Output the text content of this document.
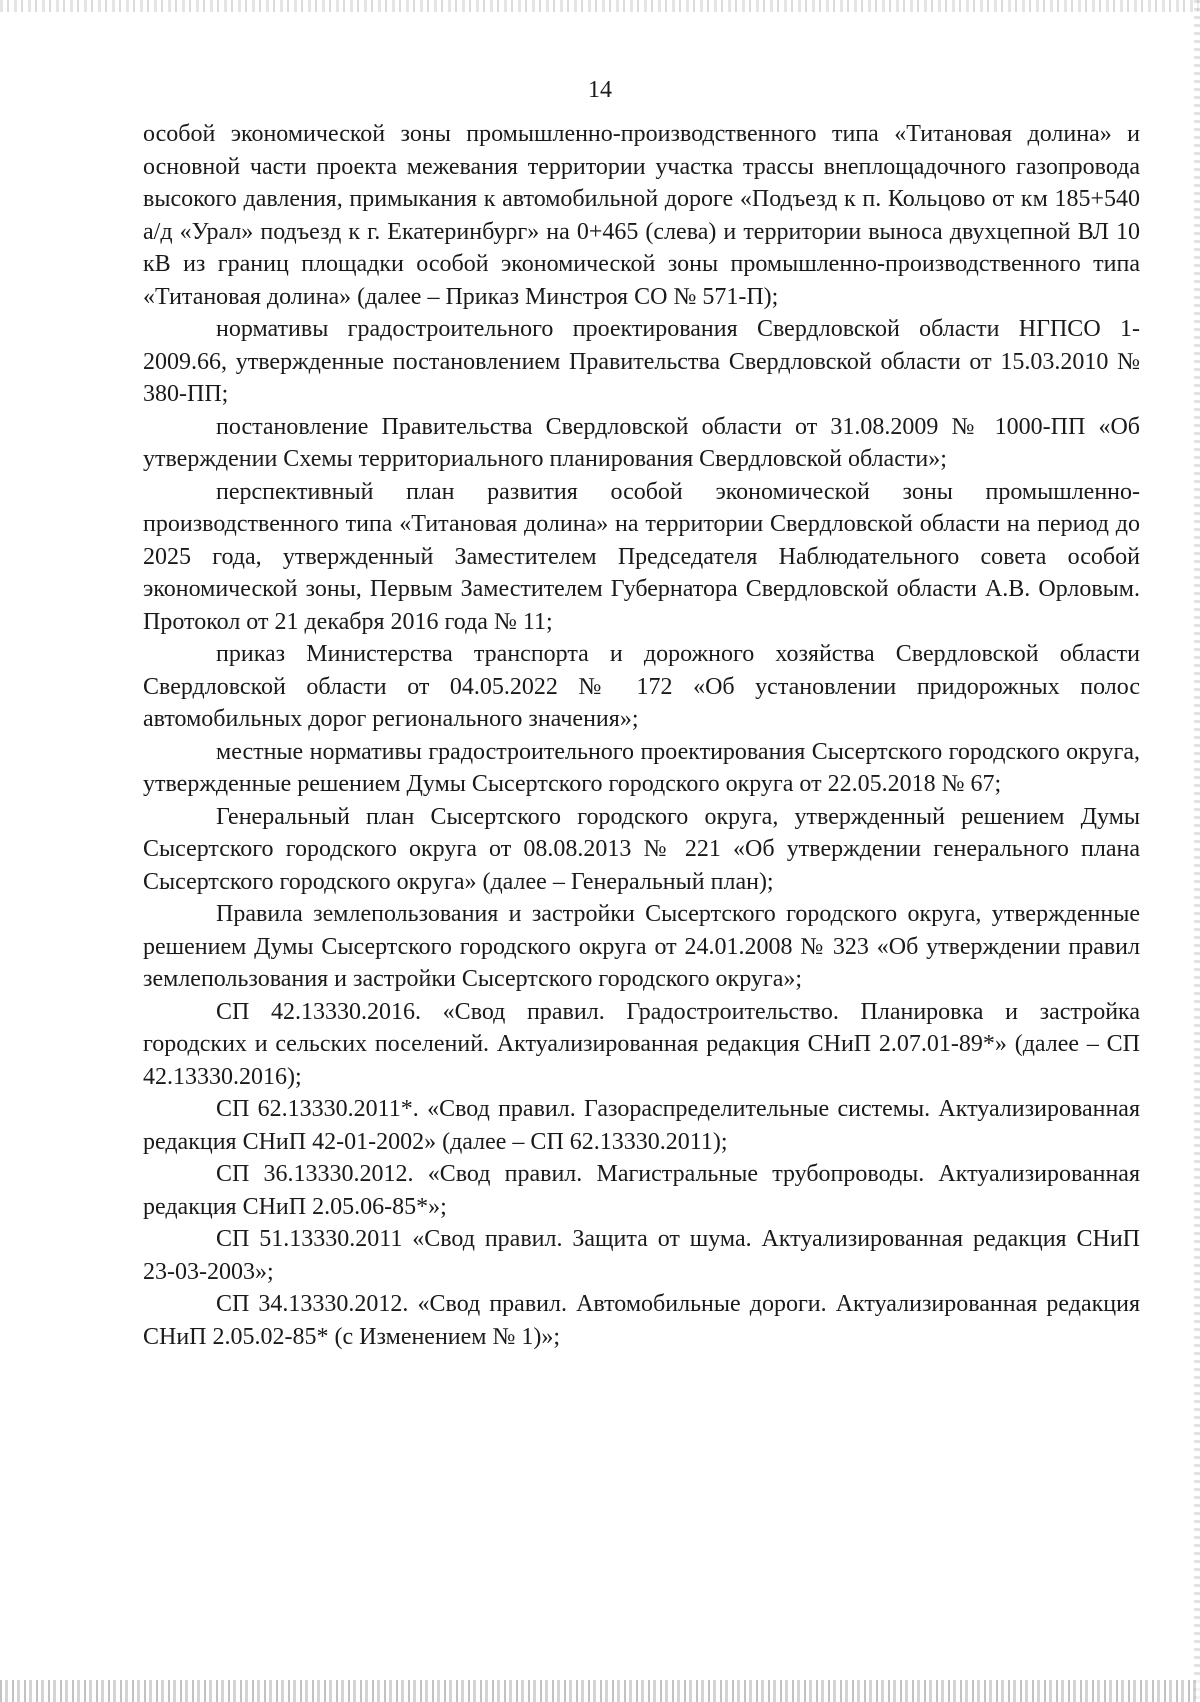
14

особой экономической зоны промышленно-производственного типа «Титановая долина» и основной части проекта межевания территории участка трассы внеплощадочного газопровода высокого давления, примыкания к автомобильной дороге «Подъезд к п. Кольцово от км 185+540 а/д «Урал» подъезд к г. Екатеринбург» на 0+465 (слева) и территории выноса двухцепной ВЛ 10 кВ из границ площадки особой экономической зоны промышленно-производственного типа «Титановая долина» (далее – Приказ Минстроя СО № 571-П);

нормативы градостроительного проектирования Свердловской области НГПСО 1-2009.66, утвержденные постановлением Правительства Свердловской области от 15.03.2010 № 380-ПП;

постановление Правительства Свердловской области от 31.08.2009 № 1000-ПП «Об утверждении Схемы территориального планирования Свердловской области»;

перспективный план развития особой экономической зоны промышленно-производственного типа «Титановая долина» на территории Свердловской области на период до 2025 года, утвержденный Заместителем Председателя Наблюдательного совета особой экономической зоны, Первым Заместителем Губернатора Свердловской области А.В. Орловым. Протокол от 21 декабря 2016 года № 11;

приказ Министерства транспорта и дорожного хозяйства Свердловской области Свердловской области от 04.05.2022 № 172 «Об установлении придорожных полос автомобильных дорог регионального значения»;

местные нормативы градостроительного проектирования Сысертского городского округа, утвержденные решением Думы Сысертского городского округа от 22.05.2018 № 67;

Генеральный план Сысертского городского округа, утвержденный решением Думы Сысертского городского округа от 08.08.2013 № 221 «Об утверждении генерального плана Сысертского городского округа» (далее – Генеральный план);

Правила землепользования и застройки Сысертского городского округа, утвержденные решением Думы Сысертского городского округа от 24.01.2008 № 323 «Об утверждении правил землепользования и застройки Сысертского городского округа»;

СП 42.13330.2016. «Свод правил. Градостроительство. Планировка и застройка городских и сельских поселений. Актуализированная редакция СНиП 2.07.01-89*» (далее – СП 42.13330.2016);

СП 62.13330.2011*. «Свод правил. Газораспределительные системы. Актуализированная редакция СНиП 42-01-2002» (далее – СП 62.13330.2011);

СП 36.13330.2012. «Свод правил. Магистральные трубопроводы. Актуализированная редакция СНиП 2.05.06-85*»;

СП 51.13330.2011 «Свод правил. Защита от шума. Актуализированная редакция СНиП 23-03-2003»;

СП 34.13330.2012. «Свод правил. Автомобильные дороги. Актуализированная редакция СНиП 2.05.02-85* (с Изменением № 1)»;
